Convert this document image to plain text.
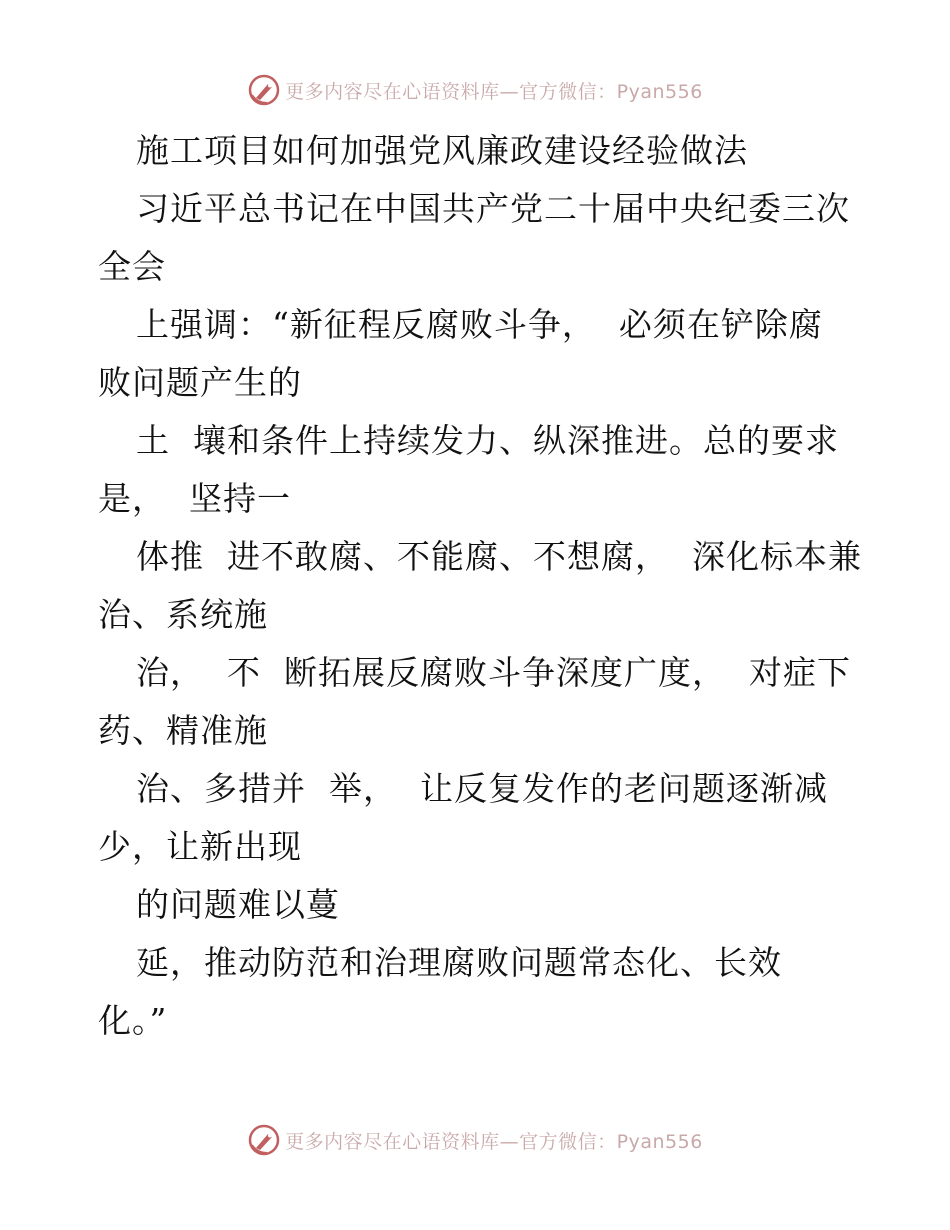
更多内容尽在心语资料库—官方微信：Pyan556
施工项目如何加强党风廉政建设经验做法
习近平总书记在中国共产党二十届中央纪委三次
全会
上强调：“新征程反腐败斗争，  必须在铲除腐
败问题产生的
土  壤和条件上持续发力、纵深推进。总的要求
是，  坚持一
体推  进不敢腐、不能腐、不想腐，  深化标本兼
治、系统施
治，  不  断拓展反腐败斗争深度广度，  对症下
药、精准施
治、多措并  举，  让反复发作的老问题逐渐减
少，让新出现
的问题难以蔓
延，推动防范和治理腐败问题常态化、长效
化。”
更多内容尽在心语资料库—官方微信：Pyan556
